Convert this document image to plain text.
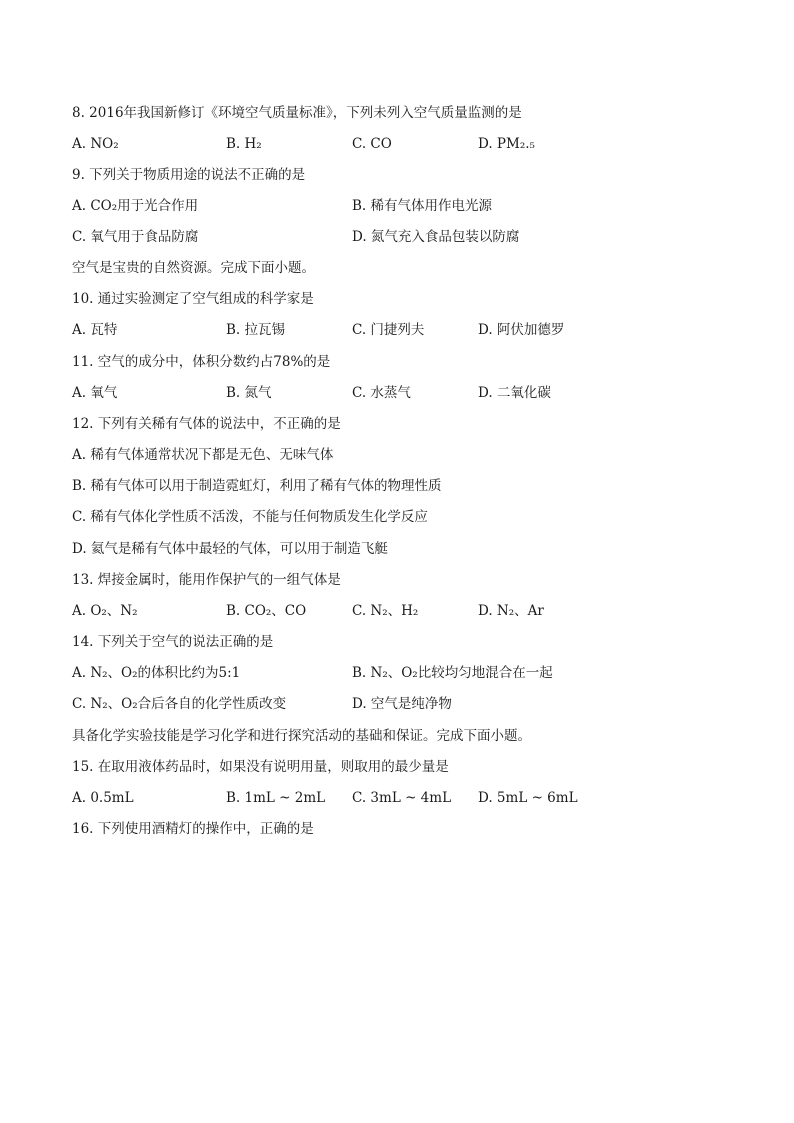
8. 2016年我国新修订《环境空气质量标准》，下列未列入空气质量监测的是
A. NO₂	B. H₂	C. CO	D. PM₂.₅
9. 下列关于物质用途的说法不正确的是
A. CO₂用于光合作用	B. 稀有气体用作电光源
C. 氧气用于食品防腐	D. 氮气充入食品包装以防腐
空气是宝贵的自然资源。完成下面小题。
10. 通过实验测定了空气组成的科学家是
A. 瓦特	B. 拉瓦锡	C. 门捷列夫	D. 阿伏加德罗
11. 空气的成分中，体积分数约占78%的是
A. 氧气	B. 氮气	C. 水蒸气	D. 二氧化碳
12. 下列有关稀有气体的说法中，不正确的是
A. 稀有气体通常状况下都是无色、无味气体
B. 稀有气体可以用于制造霓虹灯，利用了稀有气体的物理性质
C. 稀有气体化学性质不活泼，不能与任何物质发生化学反应
D. 氦气是稀有气体中最轻的气体，可以用于制造飞艇
13. 焊接金属时，能用作保护气的一组气体是
A. O₂、N₂	B. CO₂、CO	C. N₂、H₂	D. N₂、Ar
14. 下列关于空气的说法正确的是
A. N₂、O₂的体积比约为5:1	B. N₂、O₂比较均匀地混合在一起
C. N₂、O₂合后各自的化学性质改变	D. 空气是纯净物
具备化学实验技能是学习化学和进行探究活动的基础和保证。完成下面小题。
15. 在取用液体药品时，如果没有说明用量，则取用的最少量是
A. 0.5mL	B. 1mL ~ 2mL C. 3mL ~ 4mL D. 5mL ~ 6mL
16. 下列使用酒精灯的操作中，正确的是
